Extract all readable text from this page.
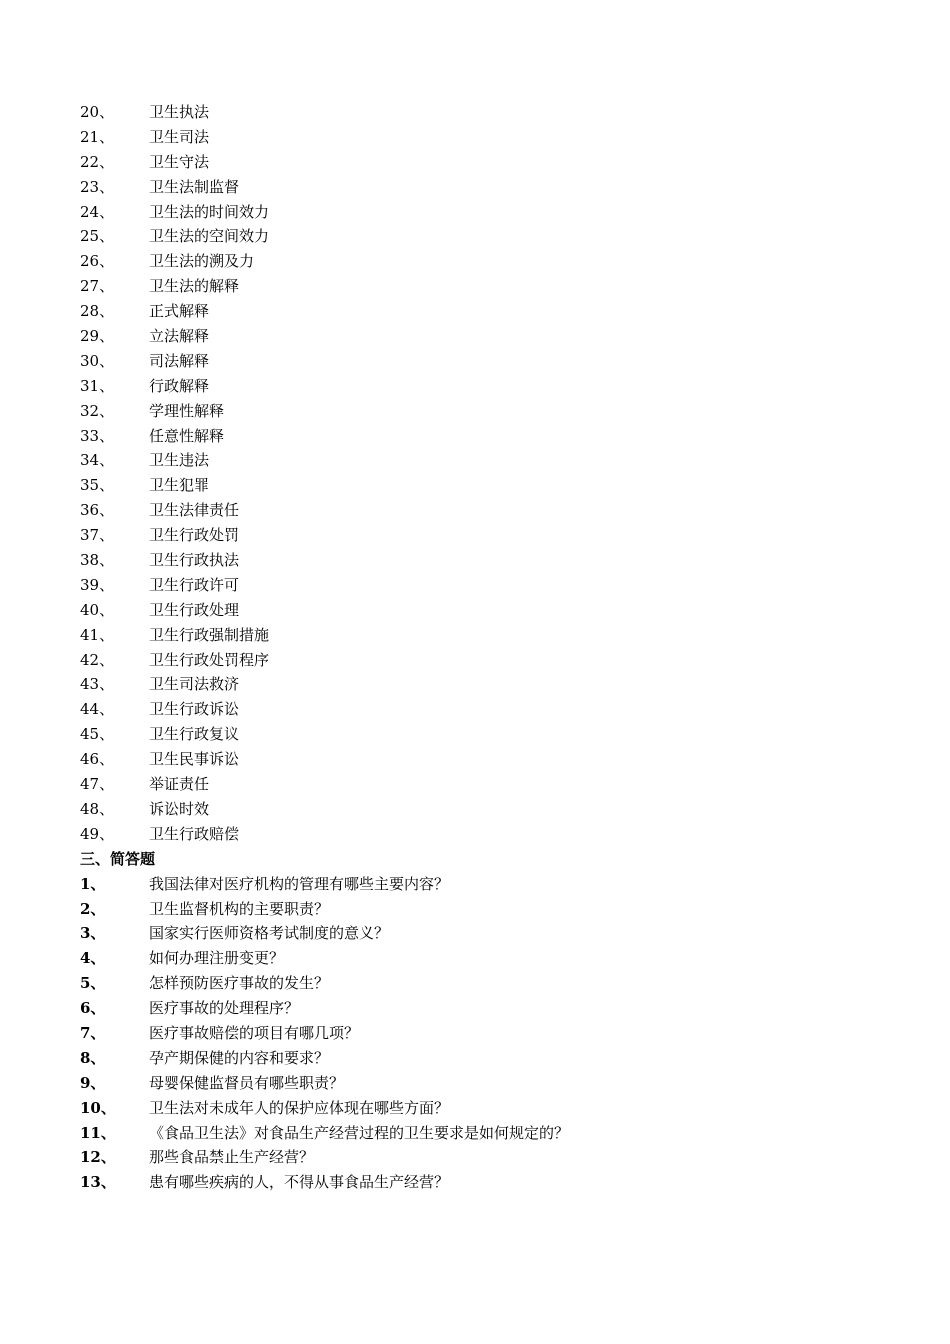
20、 卫生执法
21、 卫生司法
22、 卫生守法
23、 卫生法制监督
24、 卫生法的时间效力
25、 卫生法的空间效力
26、 卫生法的溯及力
27、 卫生法的解释
28、 正式解释
29、 立法解释
30、 司法解释
31、 行政解释
32、 学理性解释
33、 任意性解释
34、 卫生违法
35、 卫生犯罪
36、 卫生法律责任
37、 卫生行政处罚
38、 卫生行政执法
39、 卫生行政许可
40、 卫生行政处理
41、 卫生行政强制措施
42、 卫生行政处罚程序
43、 卫生司法救济
44、 卫生行政诉讼
45、 卫生行政复议
46、 卫生民事诉讼
47、 举证责任
48、 诉讼时效
49、 卫生行政赔偿
三、简答题
1、	我国法律对医疗机构的管理有哪些主要内容？
2、	卫生监督机构的主要职责？
3、	国家实行医师资格考试制度的意义？
4、	如何办理注册变更？
5、	怎样预防医疗事故的发生？
6、	医疗事故的处理程序？
7、	医疗事故赔偿的项目有哪几项？
8、	孕产期保健的内容和要求？
9、	母婴保健监督员有哪些职责？
10、 卫生法对未成年人的保护应体现在哪些方面？
11、 《食品卫生法》对食品生产经营过程的卫生要求是如何规定的？
12、 那些食品禁止生产经营？
13、 患有哪些疾病的人，不得从事食品生产经营？
